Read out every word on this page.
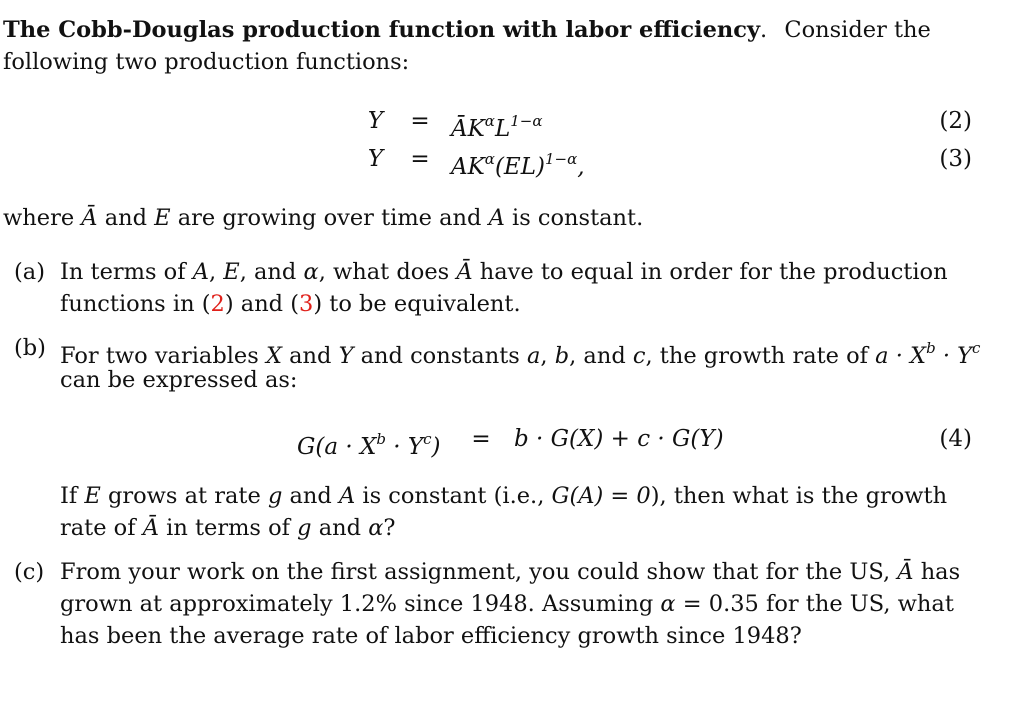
The Cobb-Douglas production function with labor efficiency. Consider the
following two production functions:
$Y = ĀK^\alpha L^{1-\alpha}$	(2)
$Y = AK^\alpha(EL)^{1-\alpha}$,	(3)
where Ā and E are growing over time and A is constant.
(a) In terms of A, E, and α, what does Ā have to equal in order for the production
functions in (2) and (3) to be equivalent.
(b) For two variables X and Y and constants a, b, and c, the growth rate of $a \cdot X^b \cdot Y^c$
can be expressed as:
$G(a \cdot X^b \cdot Y^c) = b \cdot G(X) + c \cdot G(Y)$	(4)
If E grows at rate g and A is constant (i.e., G(A) = 0), then what is the growth
rate of Ā in terms of g and α?
(c) From your work on the first assignment, you could show that for the US, Ā has
grown at approximately 1.2% since 1948. Assuming α = 0.35 for the US, what
has been the average rate of labor efficiency growth since 1948?
